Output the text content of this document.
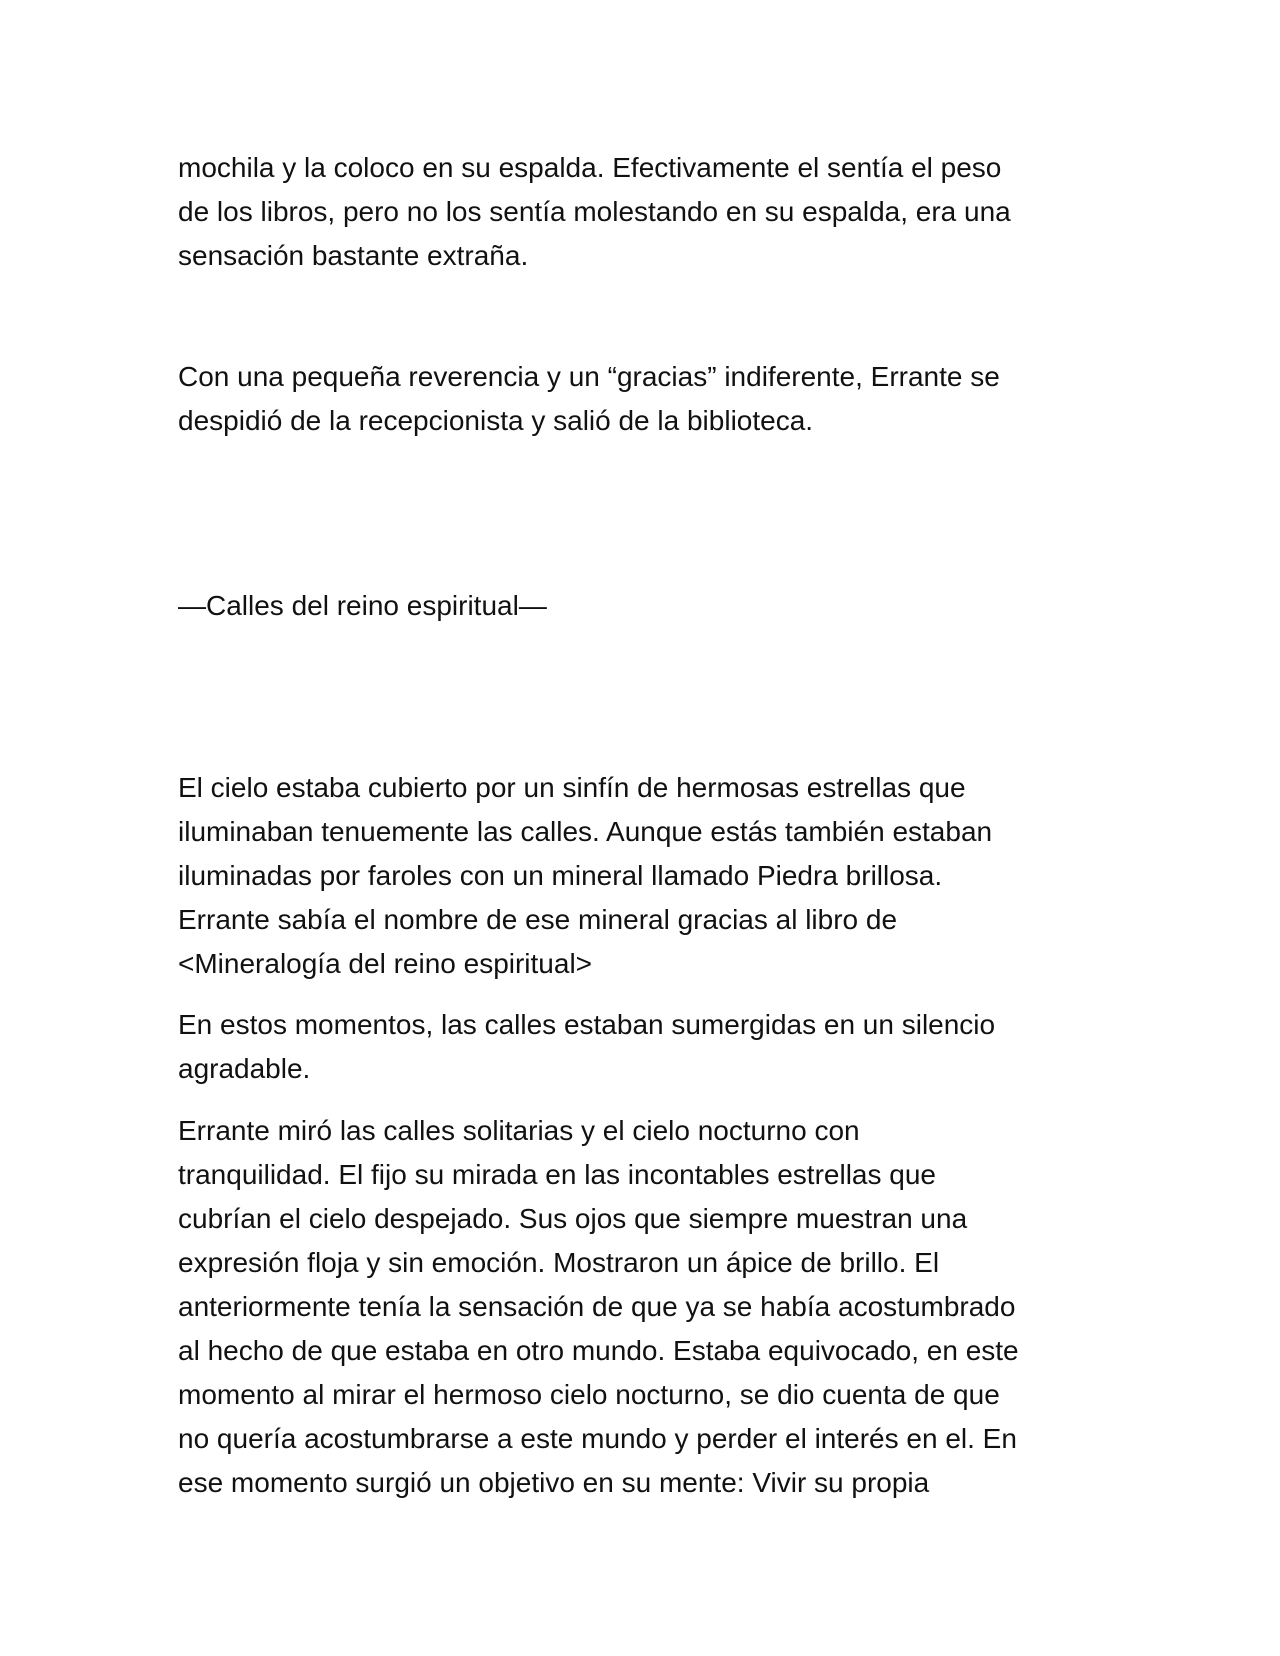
mochila y la coloco en su espalda. Efectivamente el sentía el peso
de los libros, pero no los sentía molestando en su espalda, era una
sensación bastante extraña.

Con una pequeña reverencia y un “gracias” indiferente, Errante se
despidió de la recepcionista y salió de la biblioteca.

—Calles del reino espiritual—

El cielo estaba cubierto por un sinfín de hermosas estrellas que
iluminaban tenuemente las calles. Aunque estás también estaban
iluminadas por faroles con un mineral llamado Piedra brillosa.
Errante sabía el nombre de ese mineral gracias al libro de
<Mineralogía del reino espiritual>

En estos momentos, las calles estaban sumergidas en un silencio
agradable.

Errante miró las calles solitarias y el cielo nocturno con
tranquilidad. El fijo su mirada en las incontables estrellas que
cubrían el cielo despejado. Sus ojos que siempre muestran una
expresión floja y sin emoción. Mostraron un ápice de brillo. El
anteriormente tenía la sensación de que ya se había acostumbrado
al hecho de que estaba en otro mundo. Estaba equivocado, en este
momento al mirar el hermoso cielo nocturno, se dio cuenta de que
no quería acostumbrarse a este mundo y perder el interés en el. En
ese momento surgió un objetivo en su mente: Vivir su propia
